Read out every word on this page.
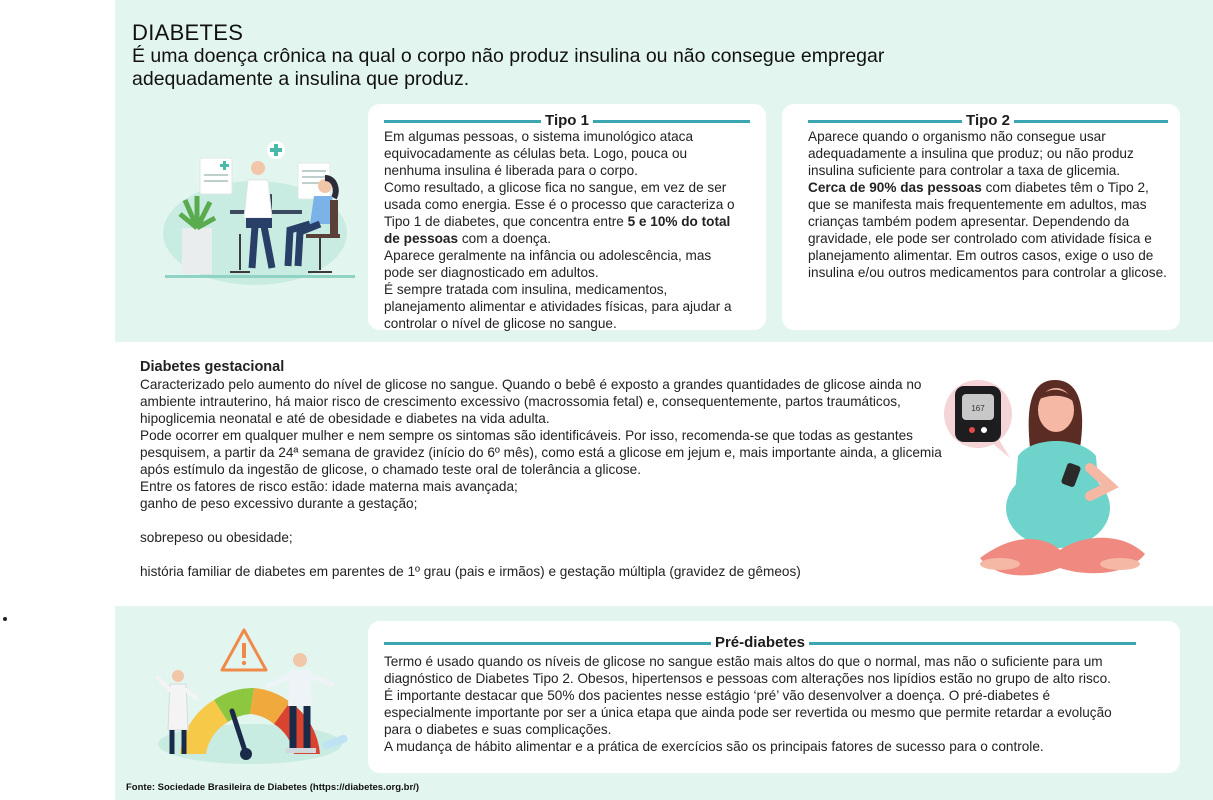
DIABETES

É uma doença crônica na qual o corpo não produz insulina ou não consegue empregar adequadamente a insulina que produz.

Tipo 1
Em algumas pessoas, o sistema imunológico ataca equivocadamente as células beta. Logo, pouca ou nenhuma insulina é liberada para o corpo.
Como resultado, a glicose fica no sangue, em vez de ser usada como energia. Esse é o processo que caracteriza o Tipo 1 de diabetes, que concentra entre 5 e 10% do total de pessoas com a doença.
Aparece geralmente na infância ou adolescência, mas pode ser diagnosticado em adultos.
É sempre tratada com insulina, medicamentos, planejamento alimentar e atividades físicas, para ajudar a controlar o nível de glicose no sangue.
Tipo 2
Aparece quando o organismo não consegue usar adequadamente a insulina que produz; ou não produz insulina suficiente para controlar a taxa de glicemia.
Cerca de 90% das pessoas com diabetes têm o Tipo 2, que se manifesta mais frequentemente em adultos, mas crianças também podem apresentar. Dependendo da gravidade, ele pode ser controlado com atividade física e planejamento alimentar. Em outros casos, exige o uso de insulina e/ou outros medicamentos para controlar a glicose.
Diabetes gestacional
Caracterizado pelo aumento do nível de glicose no sangue. Quando o bebê é exposto a grandes quantidades de glicose ainda no ambiente intrauterino, há maior risco de crescimento excessivo (macrossomia fetal) e, consequentemente, partos traumáticos, hipoglicemia neonatal e até de obesidade e diabetes na vida adulta.
Pode ocorrer em qualquer mulher e nem sempre os sintomas são identificáveis. Por isso, recomenda-se que todas as gestantes pesquisem, a partir da 24ª semana de gravidez (início do 6º mês), como está a glicose em jejum e, mais importante ainda, a glicemia após estímulo da ingestão de glicose, o chamado teste oral de tolerância a glicose.
Entre os fatores de risco estão: idade materna mais avançada;
ganho de peso excessivo durante a gestação;
sobrepeso ou obesidade;
história familiar de diabetes em parentes de 1º grau (pais e irmãos) e gestação múltipla (gravidez de gêmeos)
167
Pré-diabetes
Termo é usado quando os níveis de glicose no sangue estão mais altos do que o normal, mas não o suficiente para um diagnóstico de Diabetes Tipo 2. Obesos, hipertensos e pessoas com alterações nos lipídios estão no grupo de alto risco.
É importante destacar que 50% dos pacientes nesse estágio ‘pré’ vão desenvolver a doença. O pré-diabetes é especialmente importante por ser a única etapa que ainda pode ser revertida ou mesmo que permite retardar a evolução para o diabetes e suas complicações.
A mudança de hábito alimentar e a prática de exercícios são os principais fatores de sucesso para o controle.
Fonte: Sociedade Brasileira de Diabetes (https://diabetes.org.br/)
